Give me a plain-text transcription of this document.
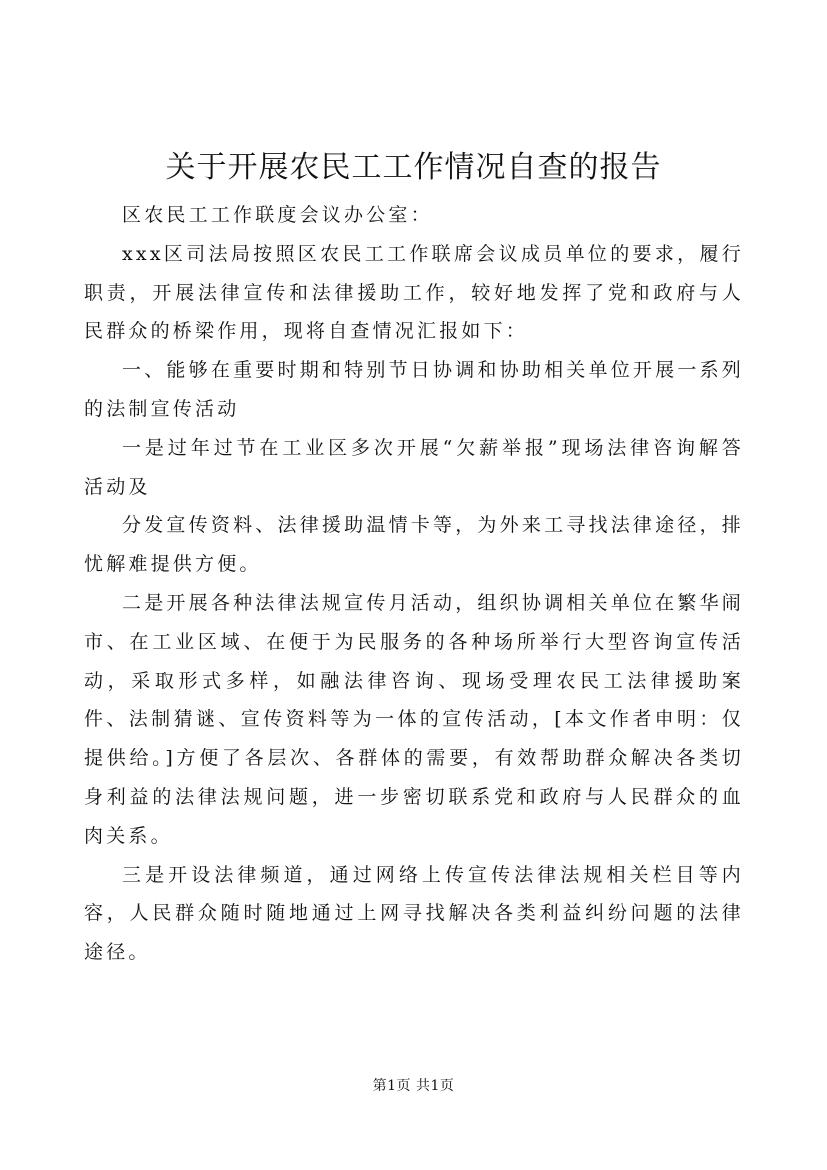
关于开展农民工工作情况自查的报告

区农民工工作联度会议办公室：

xxx区司法局按照区农民工工作联席会议成员单位的要求，履行职责，开展法律宣传和法律援助工作，较好地发挥了党和政府与人民群众的桥梁作用，现将自查情况汇报如下：

一、能够在重要时期和特别节日协调和协助相关单位开展一系列的法制宣传活动

一是过年过节在工业区多次开展“欠薪举报”现场法律咨询解答活动及

分发宣传资料、法律援助温情卡等，为外来工寻找法律途径，排忧解难提供方便。

二是开展各种法律法规宣传月活动，组织协调相关单位在繁华闹市、在工业区域、在便于为民服务的各种场所举行大型咨询宣传活动，采取形式多样，如融法律咨询、现场受理农民工法律援助案件、法制猜谜、宣传资料等为一体的宣传活动，[本文作者申明：仅提供给。]方便了各层次、各群体的需要，有效帮助群众解决各类切身利益的法律法规问题，进一步密切联系党和政府与人民群众的血肉关系。

三是开设法律频道，通过网络上传宣传法律法规相关栏目等内容，人民群众随时随地通过上网寻找解决各类利益纠纷问题的法律途径。

第1页 共1页
